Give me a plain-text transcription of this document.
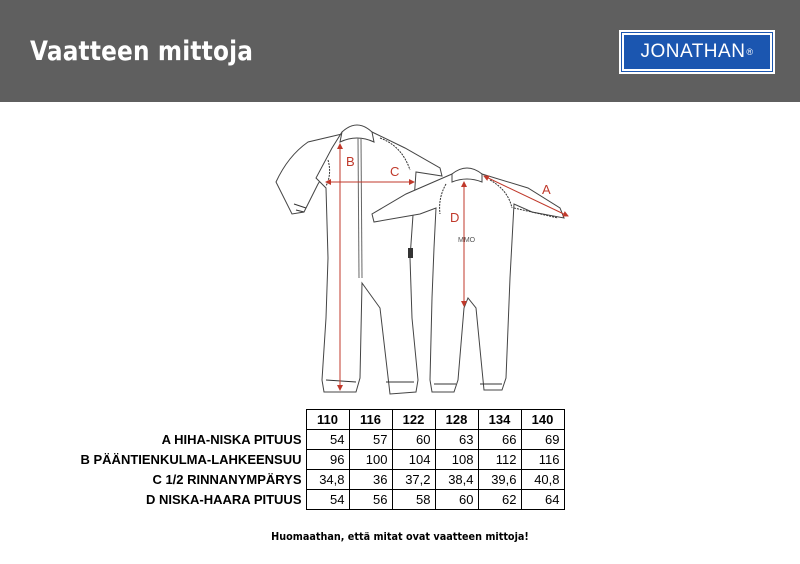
Vaatteen mittoja	JONATHAN ®
B
C
D
A
MMO
	110	116	122	128	134	140
A HIHA-NISKA PITUUS	54	57	60	63	66	69
B PÄÄNTIENKULMA-LAHKEENSUU	96	100	104	108	112	116
C 1/2 RINNANYMPÄRYS	34,8	36	37,2	38,4	39,6	40,8
D NISKA-HAARA PITUUS	54	56	58	60	62	64
Huomaathan, että mitat ovat vaatteen mittoja!
